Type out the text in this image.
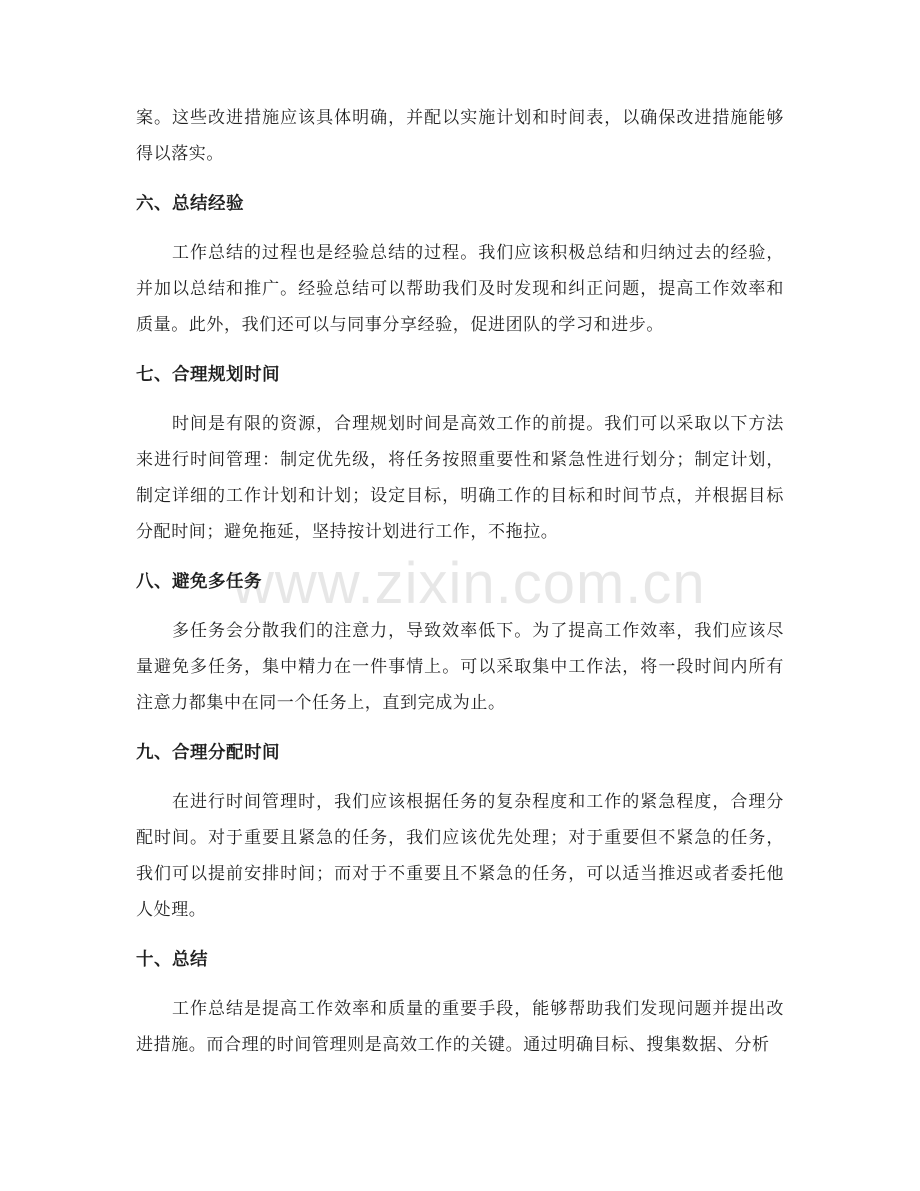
www.zixin.com.cn

案。这些改进措施应该具体明确，并配以实施计划和时间表，以确保改进措施能够得以落实。

六、总结经验

工作总结的过程也是经验总结的过程。我们应该积极总结和归纳过去的经验，并加以总结和推广。经验总结可以帮助我们及时发现和纠正问题，提高工作效率和质量。此外，我们还可以与同事分享经验，促进团队的学习和进步。

七、合理规划时间

时间是有限的资源，合理规划时间是高效工作的前提。我们可以采取以下方法来进行时间管理：制定优先级，将任务按照重要性和紧急性进行划分；制定计划，制定详细的工作计划和计划；设定目标，明确工作的目标和时间节点，并根据目标分配时间；避免拖延，坚持按计划进行工作，不拖拉。

八、避免多任务

多任务会分散我们的注意力，导致效率低下。为了提高工作效率，我们应该尽量避免多任务，集中精力在一件事情上。可以采取集中工作法，将一段时间内所有注意力都集中在同一个任务上，直到完成为止。

九、合理分配时间

在进行时间管理时，我们应该根据任务的复杂程度和工作的紧急程度，合理分配时间。对于重要且紧急的任务，我们应该优先处理；对于重要但不紧急的任务，我们可以提前安排时间；而对于不重要且不紧急的任务，可以适当推迟或者委托他人处理。

十、总结

工作总结是提高工作效率和质量的重要手段，能够帮助我们发现问题并提出改进措施。而合理的时间管理则是高效工作的关键。通过明确目标、搜集数据、分析
